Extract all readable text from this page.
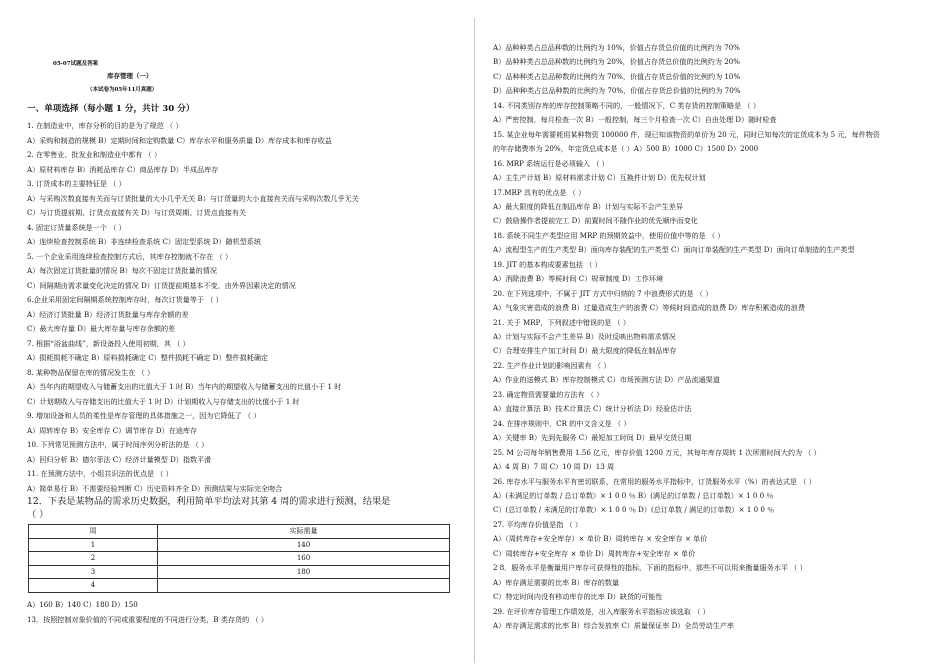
05-07试题及答案
库存管理（一）
（本试卷为05年11月真题）
一、单项选择（每小题 1 分，共计 30 分）
1. 在制造业中，库存分析的目的是为了规范 （ ）
A）采购和制造的规模 B）定期时间和定购数量 C）库存水平和服务质量 D）库存成本和库存收益
2. 在零售业、批发业和制造业中都有 （ ）
A）原材料库存 B）消耗品库存 C）商品库存 D）半成品库存
3. 订货成本的主要特征是 （ ）
A）与采购次数直接有关而与订货批量的大小几乎无关 B）与订货量的大小直接有关而与采购次数几乎无关
C）与订货提前期、订货点直接有关 D）与订货周期、订货点直接有关
4. 固定订货量系统是一个 （ ）
A）连续检查控制系统 B）非连续检查系统 C）固定型系统 D）随机型系统
5. 一个企业采用连续检查控制方式后，其库存控制就不存在 （ ）
A）每次固定订货批量的情况 B）每次不固定订货批量的情况
C）间隔期由需求量变化决定的情况 D）订货提前期基本不变，由外界因素决定的情况
6.企业采用固定间隔期系统控制库存时，每次订货量等于 （ ）
A）经济订货批量 B）经济订货批量与库存余额的差
C）最大库存量 D）最大库存量与库存余额的差
7. 根据“浴盆曲线”，新设备投入使用初期，其 （ ）
A）损耗损耗不确定 B）原料损耗确定 C）整件损耗不确定 D）整件损耗确定
8. 某种物品保留在库的情况发生在 （ ）
A）当年内的期望收入与储蓄支出的比值大于 1 时 B）当年内的期望收入与储蓄支出的比值小于 1 时
C）计划期收入与存储支出的比值大于 1 时 D）计划期收入与存储支出的比值小于 1 时
9. 增加设备和人员的柔性是库存管理的具体措施之一，因为它降低了 （ ）
A）周转库存 B）安全库存 C）调节库存 D）在途库存
10. 下列常见预测方法中，属于时间序列分析法的是 （ ）
A）回归分析 B）德尔菲法 C）经济计量模型 D）指数平滑
11. 在预测方法中，小组共识法的优点是 （ ）
A）简单易行 B）不需要经验判断 C）历史资料齐全 D）预测结果与实际完全吻合
12．下表是某物品的需求历史数据，利用简单平均法对其第 4 周的需求进行预测，结果是
（ ）
周	实际需量
1	140
2	160
3	180
4	
A）160 B）140 C）180 D）150
13．按照控制对象价值的不同或重要程度的不同进行分类，B 类存货的 （ ）
A）品种种类占总品种数的比例约为 10%，价值占存货总价值的比例约为 70%
B）品种种类占总品种数的比例约为 20%，价值占存货总价值的比例约为 20%
C）品种种类占总品种数的比例约为 70%，价值占存货总价值的比例约为 10%
D）品种种类占总品种数的比例约为 70%，价值占存货总价值的比例约为 70%
14. 不同类别存库的库存控制策略不同的，一般情况下，C 类存货的控制策略是 （ ）
A）严密控制，每月检查一次 B）一般控制，每三个月检查一次 C）自由处理 D）随时检查
15. 某企业每年需要耗用某种物资 100000 件，现已知该物资的单价为 20 元，同时已知每次的定货成本为 5 元，每件物资
的年存储费率为 20%，年定货总成本是（ ）A）500 B）1000 C）1500 D）2000
16. MRP 系统运行是必须输入 （ ）
A）主生产计划 B）原材料需求计划 C）互换件计划 D）优先权计划
17.MRP 具有的优点是 （ ）
A）最大限度的降低在制品库存 B）计划与实际不会产生差异
C）鼓励操作者提前完工 D）前置时间不随作业的优先顺序而变化
18. 系统不同生产类型应用 MRP 的预期效益中，使用价值中等的是 （ ）
A）流程型生产的生产类型 B）面向库存装配的生产类型 C）面向订单装配的生产类型 D）面向订单制造的生产类型
19. JIT 的基本构成要素包括 （ ）
A）消除浪费 B）等候时间 C）规章制度 D）工作环境
20. 在下列选项中，不属于 JIT 方式中归纳的 7 中浪费形式的是 （ ）
A）气象灾害造成的浪费 B）过量造成生产的浪费 C）等候时间造成的浪费 D）库存积累造成的浪费
21. 关于 MRP，下列叙述中错误的是 （ ）
A）计划与实际不会产生差异 B）及时反映出物料需求情况
C）合理安排生产加工时间 D）最大限度的降低在制品库存
22. 生产作业计划的影响因素有 （ ）
A）作业的送模式 B）库存控制模式 C）市场预测方法 D）产品流通渠道
23. 确定物资需要量的方法有 （ ）
A）直接计算法 B）技术计算法 C）统计分析法 D）经验估计法
24. 在排序规则中，CR 的中文含义是 （ ）
A）关键率 B）先到先服务 C）最短加工时间 D）最早交货日期
25. M 公司每年销售费用 1.56 亿元，库存价值 1200 万元，其每年库存周转 1 次所需时间大约为 （ ）
A）4 周 B）7 周 C）10 周 D）13 周
26. 库存水平与服务水平有密切联系，在常用的服务水平指标中，订货服务水平（%）的表达式是 （ ）
A）(未满足的订单数 / 总订单数）× 1 0 0 ％ B）(满足的订单数 / 总订单数）× 1 0 0 ％
C）(总订单数 / 未满足的订单数）× 1 0 0 ％ D）(总订单数 / 满足的订单数）× 1 0 0 ％
27. 平均库存价值是指 （ ）
A）（周转库存+安全库存）× 单价 B）周转库存 × 安全库存 × 单价
C）周转库存+安全库存 × 单价 D）周转库存+安全库存 × 单价
2 8．服务水平是衡量用户库存可获得性的指标，下面的指标中，那些不可以用来衡量服务水平 （ ）
A）库存满足需要的比率 B）库存的数量
C）特定时间内没有移动库存的比率 D）缺货的可能性
29. 在评价库存管理工作绩效是，出入库服务水平指标应该选取 （ ）
A）库存满足需求的比率 B）综合发放率 C）质量保证率 D）全员劳动生产率
